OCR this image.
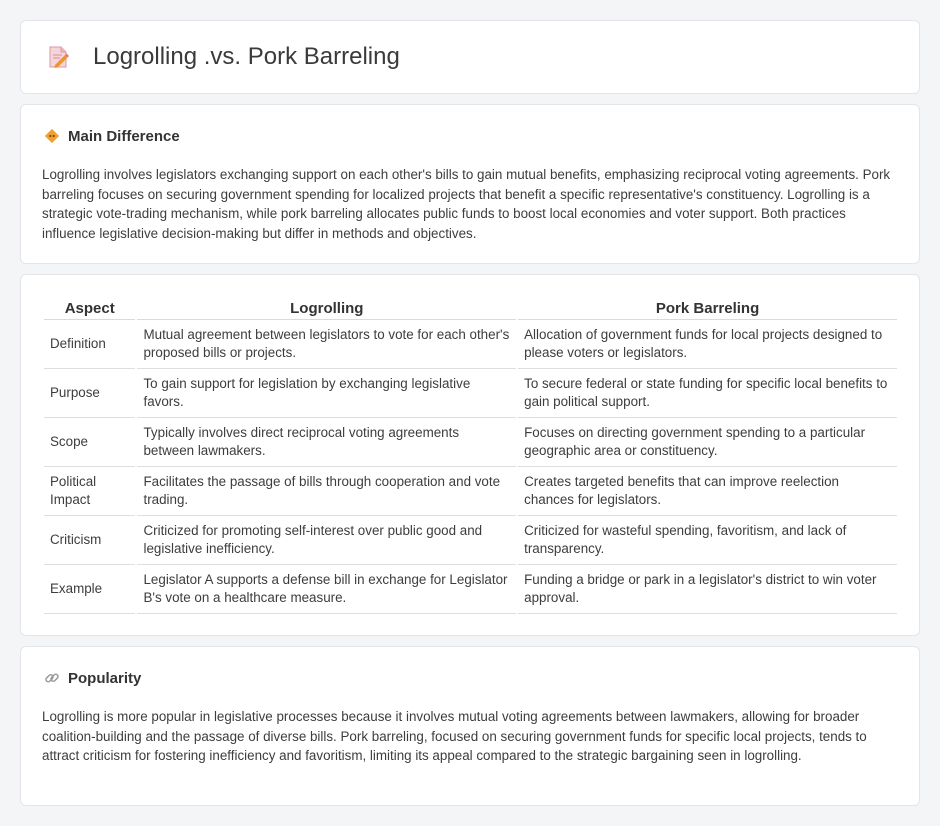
Logrolling .vs. Pork Barreling
Main Difference

Logrolling involves legislators exchanging support on each other's bills to gain mutual benefits, emphasizing reciprocal voting agreements. Pork barreling focuses on securing government spending for localized projects that benefit a specific representative's constituency. Logrolling is a strategic vote-trading mechanism, while pork barreling allocates public funds to boost local economies and voter support. Both practices influence legislative decision-making but differ in methods and objectives.

Aspect	Logrolling	Pork Barreling
Definition	Mutual agreement between legislators to vote for each other's proposed bills or projects.	Allocation of government funds for local projects designed to please voters or legislators.
Purpose	To gain support for legislation by exchanging legislative favors.	To secure federal or state funding for specific local benefits to gain political support.
Scope	Typically involves direct reciprocal voting agreements between lawmakers.	Focuses on directing government spending to a particular geographic area or constituency.
Political Impact	Facilitates the passage of bills through cooperation and vote trading.	Creates targeted benefits that can improve reelection chances for legislators.
Criticism	Criticized for promoting self-interest over public good and legislative inefficiency.	Criticized for wasteful spending, favoritism, and lack of transparency.
Example	Legislator A supports a defense bill in exchange for Legislator B's vote on a healthcare measure.	Funding a bridge or park in a legislator's district to win voter approval.
Popularity

Logrolling is more popular in legislative processes because it involves mutual voting agreements between lawmakers, allowing for broader coalition-building and the passage of diverse bills. Pork barreling, focused on securing government funds for specific local projects, tends to attract criticism for fostering inefficiency and favoritism, limiting its appeal compared to the strategic bargaining seen in logrolling.
